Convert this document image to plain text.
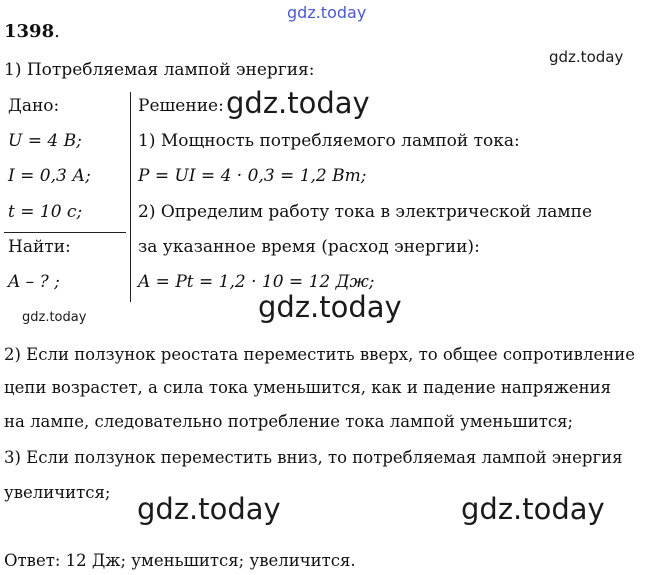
gdz.today
gdz.today
gdz.today
gdz.today	gdz.today
gdz.today	gdz.today
1398.
1) Потребляемая лампой энергия:
Дано:
U = 4 В;
I = 0,3 А;
t = 10 с;
Найти:
A – ? ;
Решение:
1) Мощность потребляемого лампой тока:
P = UI = 4 · 0,3 = 1,2 Вт;
2) Определим работу тока в электрической лампе
за указанное время (расход энергии):
A = Pt = 1,2 · 10 = 12 Дж;
2) Если ползунок реостата переместить вверх, то общее сопротивление
цепи возрастет, а сила тока уменьшится, как и падение напряжения
на лампе, следовательно потребление тока лампой уменьшится;
3) Если ползунок переместить вниз, то потребляемая лампой энергия
увеличится;
Ответ: 12 Дж; уменьшится; увеличится.
